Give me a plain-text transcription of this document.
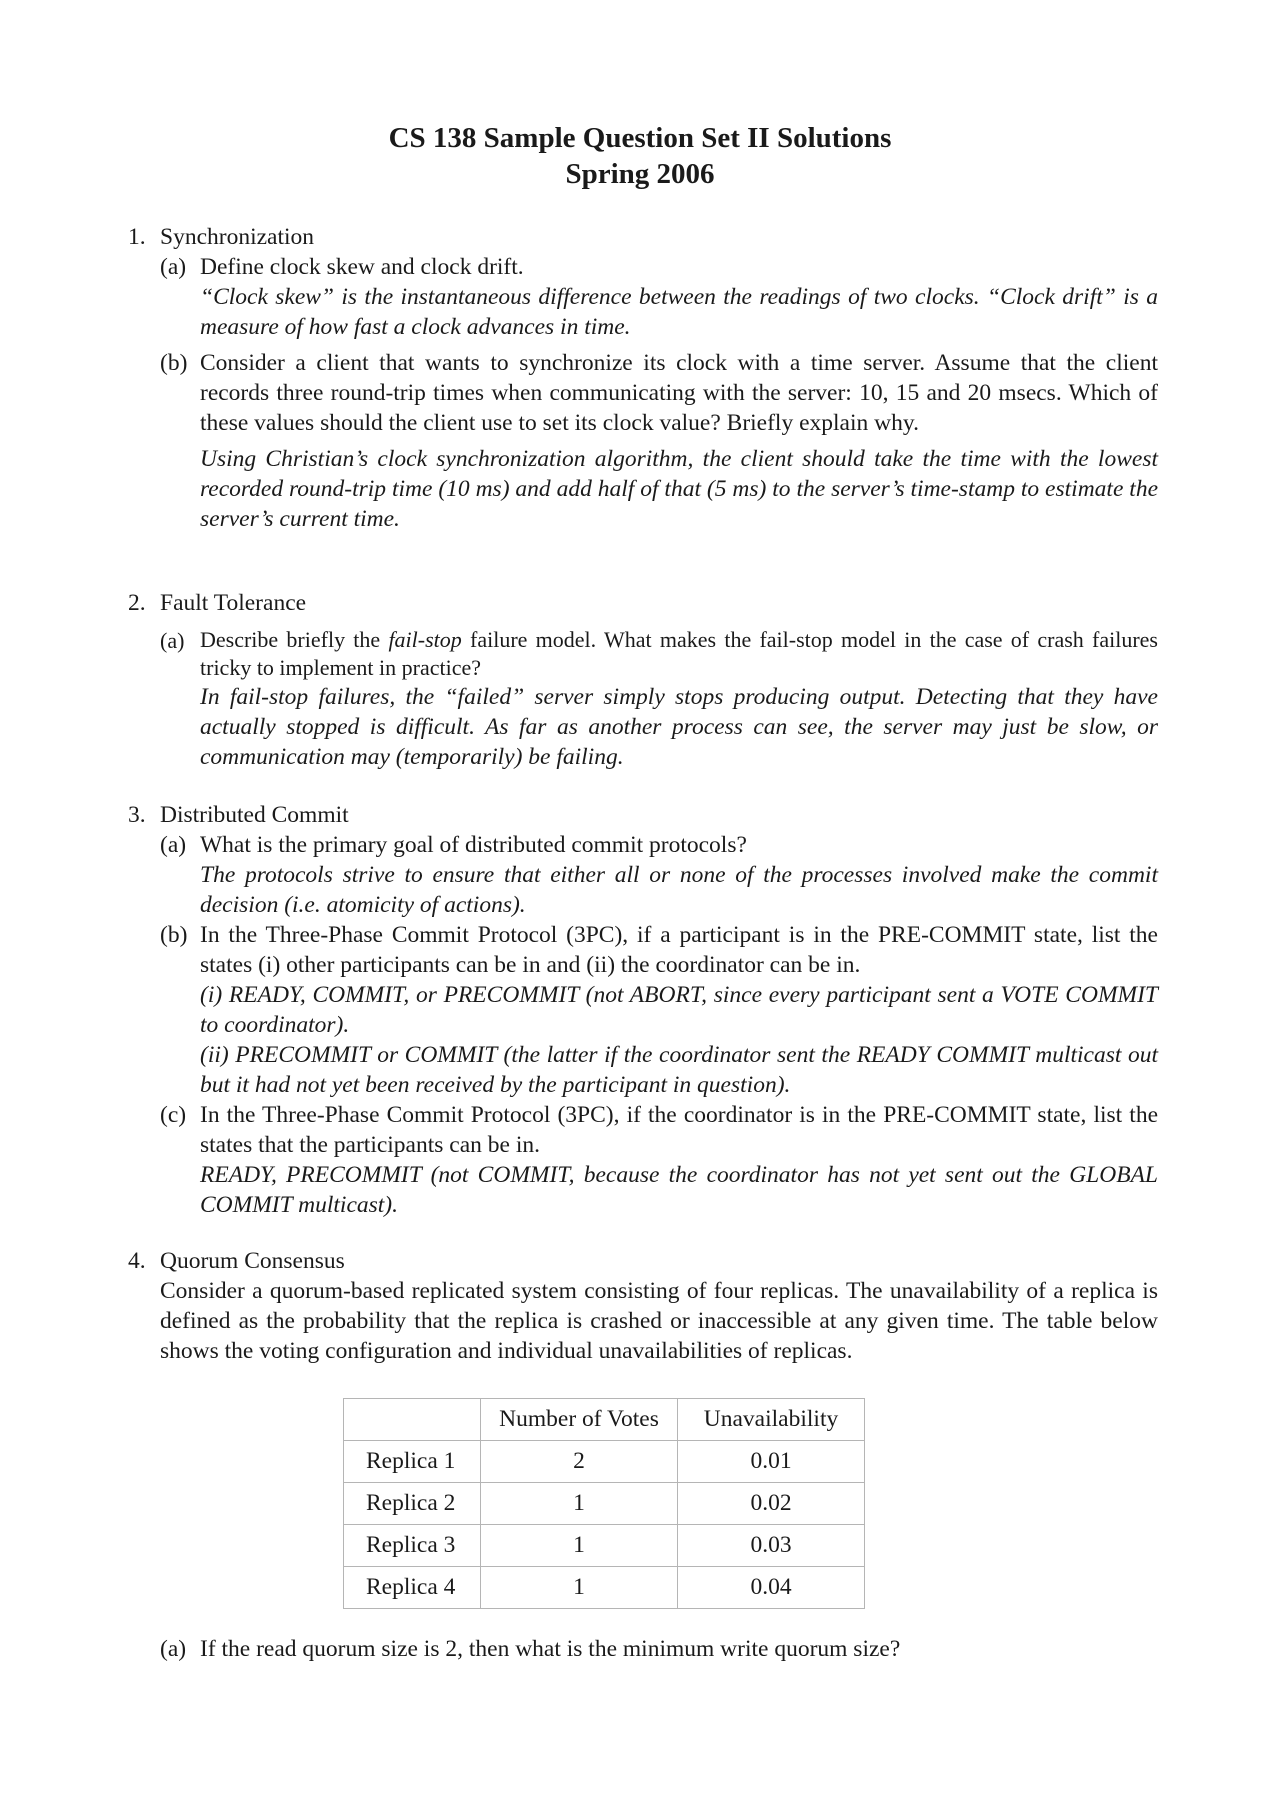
CS 138 Sample Question Set II Solutions
Spring 2006
1. Synchronization
(a) Define clock skew and clock drift.
“Clock skew” is the instantaneous difference between the readings of two clocks. “Clock drift” is a measure of how fast a clock advances in time.
(b) Consider a client that wants to synchronize its clock with a time server. Assume that the client records three round-trip times when communicating with the server: 10, 15 and 20 msecs. Which of these values should the client use to set its clock value? Briefly explain why.
Using Christian’s clock synchronization algorithm, the client should take the time with the lowest recorded round-trip time (10 ms) and add half of that (5 ms) to the server’s time-stamp to estimate the server’s current time.
2. Fault Tolerance
(a) Describe briefly the fail-stop failure model. What makes the fail-stop model in the case of crash failures tricky to implement in practice?
In fail-stop failures, the “failed” server simply stops producing output. Detecting that they have actually stopped is difficult. As far as another process can see, the server may just be slow, or communication may (temporarily) be failing.
3. Distributed Commit
(a) What is the primary goal of distributed commit protocols?
The protocols strive to ensure that either all or none of the processes involved make the commit decision (i.e. atomicity of actions).
(b) In the Three-Phase Commit Protocol (3PC), if a participant is in the PRE-COMMIT state, list the states (i) other participants can be in and (ii) the coordinator can be in.
(i) READY, COMMIT, or PRECOMMIT (not ABORT, since every participant sent a VOTE COMMIT to coordinator).
(ii) PRECOMMIT or COMMIT (the latter if the coordinator sent the READY COMMIT multicast out but it had not yet been received by the participant in question).
(c) In the Three-Phase Commit Protocol (3PC), if the coordinator is in the PRE-COMMIT state, list the states that the participants can be in.
READY, PRECOMMIT (not COMMIT, because the coordinator has not yet sent out the GLOBAL COMMIT multicast).
4. Quorum Consensus
Consider a quorum-based replicated system consisting of four replicas. The unavailability of a replica is defined as the probability that the replica is crashed or inaccessible at any given time. The table below shows the voting configuration and individual unavailabilities of replicas.
	Number of Votes	Unavailability
Replica 1	2	0.01
Replica 2	1	0.02
Replica 3	1	0.03
Replica 4	1	0.04
(a) If the read quorum size is 2, then what is the minimum write quorum size?
